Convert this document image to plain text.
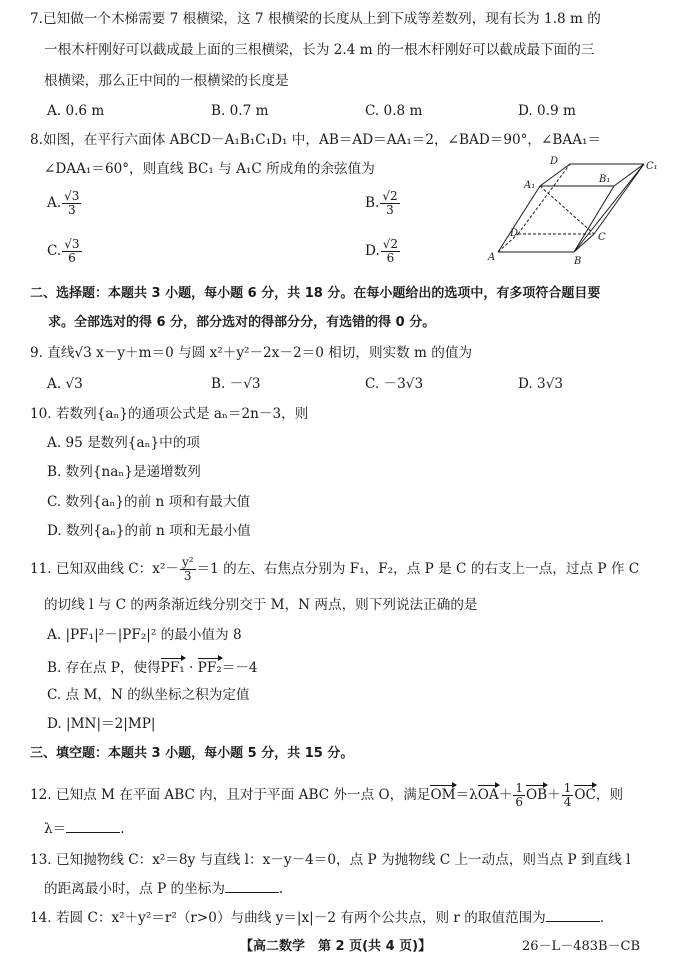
7.已知做一个木梯需要 7 根横梁，这 7 根横梁的长度从上到下成等差数列，现有长为 1.8 m 的
一根木杆刚好可以截成最上面的三根横梁，长为 2.4 m 的一根木杆刚好可以截成最下面的三
根横梁，那么正中间的一根横梁的长度是
A. 0.6 m	B. 0.7 m	C. 0.8 m	D. 0.9 m
8.如图，在平行六面体 ABCD－A₁B₁C₁D₁ 中，AB＝AD＝AA₁＝2，∠BAD＝90°，∠BAA₁＝
∠DAA₁＝60°，则直线 BC₁ 与 A₁C 所成角的余弦值为
A. $\frac{√3}{3}$	B. $\frac{√2}{3}$
C. $\frac{√3}{6}$	D. $\frac{√2}{6}$
D	C₁
A₁
B₁
D	C
A	B
二、选择题：本题共 3 小题，每小题 6 分，共 18 分。在每小题给出的选项中，有多项符合题目要
求。全部选对的得 6 分，部分选对的得部分分，有选错的得 0 分。
9. 直线√3 x－y＋m＝0 与圆 x²＋y²－2x－2＝0 相切，则实数 m 的值为
A. √3	B. －√3	C. －3√3	D. 3√3
10. 若数列{aₙ}的通项公式是 aₙ＝2n－3，则
A. 95 是数列{aₙ}中的项
B. 数列{naₙ}是递增数列
C. 数列{aₙ}的前 n 项和有最大值
D. 数列{aₙ}的前 n 项和无最小值
11. 已知双曲线 C：$x^2- \frac{\text{y²}}{3} =1$ 的左、右焦点分别为 F₁，F₂，点 P 是 C 的右支上一点，过点 P 作 C
的切线 l 与 C 的两条渐近线分别交于 M，N 两点，则下列说法正确的是
A. |PF₁|²－|PF₂|² 的最小值为 8
B. 存在点 P，使得PF₁ · PF₂＝－4
C. 点 M，N 的纵坐标之积为定值
D. |MN|＝2|MP|
三、填空题：本题共 3 小题，每小题 5 分，共 15 分。
12. 已知点 M 在平面 ABC 内，且对于平面 ABC 外一点 O，满足$OM=\lambda OA+ \frac{1}{6} OB+ \frac{1}{4}$ OC，则
λ＝	.
13. 已知抛物线 C：x²＝8y 与直线 l：x－y－4＝0，点 P 为抛物线 C 上一动点，则当点 P 到直线 l
的距离最小时，点 P 的坐标为	.
14. 若圆 C：x²＋y²＝r²（r>0）与曲线 y＝|x|－2 有两个公共点，则 r 的取值范围为	.
【高二数学　第 2 页(共 4 页)】	26－L－483B－CB
